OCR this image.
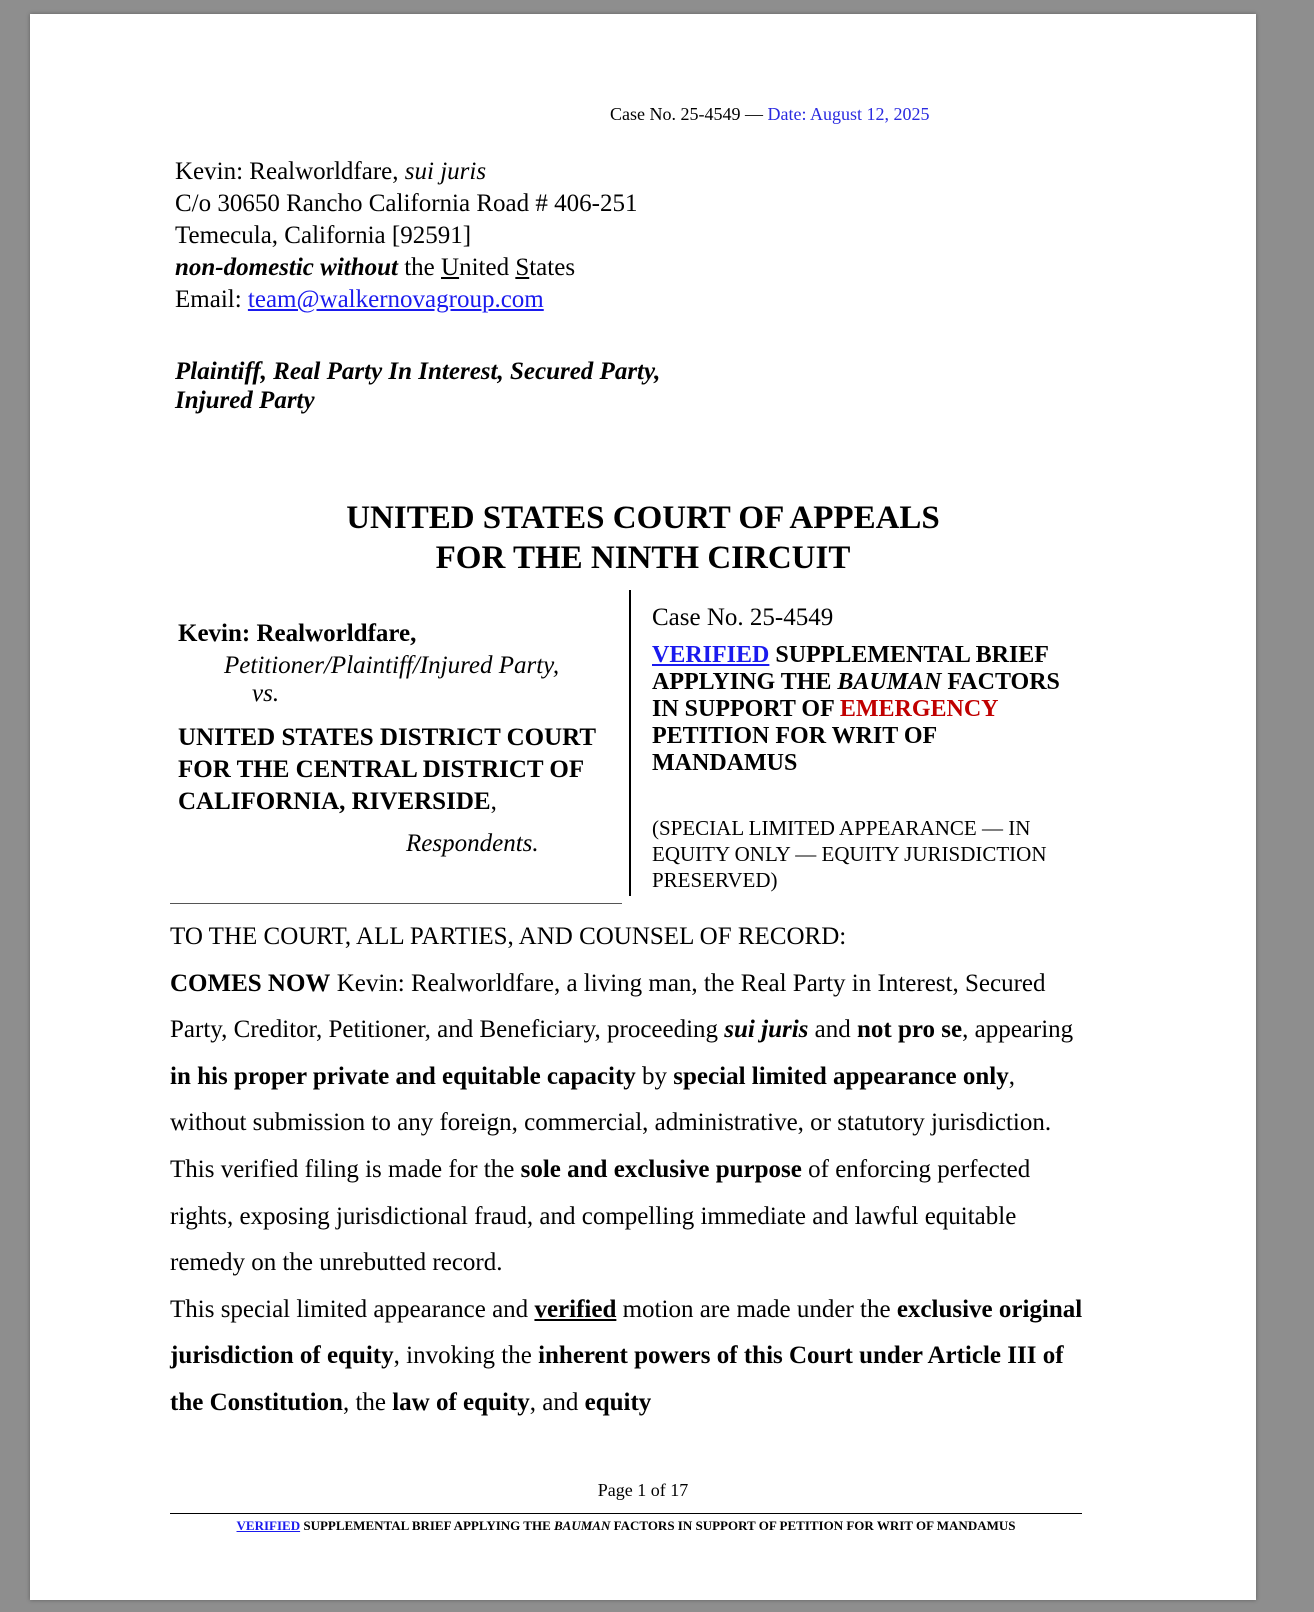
Case No. 25-4549 — Date: August 12, 2025
Kevin: Realworldfare, sui juris
C/o 30650 Rancho California Road # 406-251
Temecula, California [92591]
non-domestic without the United States
Email: team@walkernovagroup.com
Plaintiff, Real Party In Interest, Secured Party,
Injured Party
UNITED STATES COURT OF APPEALS
FOR THE NINTH CIRCUIT
Kevin: Realworldfare,
Petitioner/Plaintiff/Injured Party,
vs.
UNITED STATES DISTRICT COURT
FOR THE CENTRAL DISTRICT OF
CALIFORNIA, RIVERSIDE,
Respondents.
Case No. 25-4549
VERIFIED SUPPLEMENTAL BRIEF
APPLYING THE BAUMAN FACTORS
IN SUPPORT OF EMERGENCY
PETITION FOR WRIT OF
MANDAMUS
(SPECIAL LIMITED APPEARANCE — IN
EQUITY ONLY — EQUITY JURISDICTION
PRESERVED)
TO THE COURT, ALL PARTIES, AND COUNSEL OF RECORD:
COMES NOW Kevin: Realworldfare, a living man, the Real Party in Interest, Secured Party, Creditor, Petitioner, and Beneficiary, proceeding sui juris and not pro se, appearing in his proper private and equitable capacity by special limited appearance only, without submission to any foreign, commercial, administrative, or statutory jurisdiction. This verified filing is made for the sole and exclusive purpose of enforcing perfected rights, exposing jurisdictional fraud, and compelling immediate and lawful equitable remedy on the unrebutted record.
This special limited appearance and verified motion are made under the exclusive original jurisdiction of equity, invoking the inherent powers of this Court under Article III of the Constitution, the law of equity, and equity
Page 1 of 17
VERIFIED SUPPLEMENTAL BRIEF APPLYING THE BAUMAN FACTORS IN SUPPORT OF PETITION FOR WRIT OF MANDAMUS
